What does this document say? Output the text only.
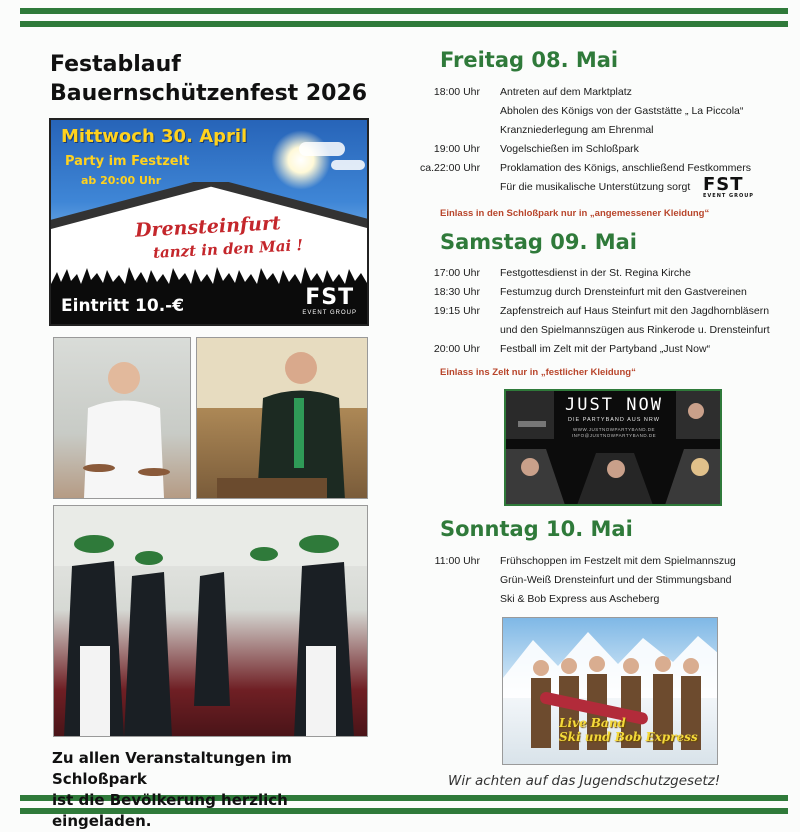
Festablauf
Bauernschützenfest 2026
Mittwoch 30. April
Party im Festzelt
ab 20:00 Uhr
Drensteinfurt
tanzt in den Mai !
Eintritt 10.-€	FST
EVENT GROUP
Zu allen Veranstaltungen im Schloßpark
ist die Bevölkerung herzlich eingeladen.
Freitag 08. Mai
18:00 Uhr Antreten auf dem Marktplatz
Abholen des Königs von der Gaststätte „ La Piccola“
Kranzniederlegung am Ehrenmal
19:00 Uhr Vogelschießen im Schloßpark
ca.22:00 Uhr Proklamation des Königs, anschließend Festkommers
Für die musikalische Unterstützung sorgt FST
EVENT GROUP
Einlass in den Schloßpark nur in „angemessener Kleidung“
Samstag 09. Mai
17:00 Uhr Festgottesdienst in der St. Regina Kirche
18:30 Uhr Festumzug durch Drensteinfurt mit den Gastvereinen
19:15 Uhr Zapfenstreich auf Haus Steinfurt mit den Jagdhornbläsern
und den Spielmannszügen aus Rinkerode u. Drensteinfurt
20:00 Uhr Festball im Zelt mit der Partyband „Just Now“
Einlass ins Zelt nur in „festlicher Kleidung“
JUST NOW
DIE PARTYBAND AUS NRW
WWW.JUSTNOWPARTYBAND.DE
INFO@JUSTNOWPARTYBAND.DE
Sonntag 10. Mai
11:00 Uhr Frühschoppen im Festzelt mit dem Spielmannszug
Grün-Weiß Drensteinfurt und der Stimmungsband
Ski & Bob Express aus Ascheberg
Live Band
Ski und Bob Express
Wir achten auf das Jugendschutzgesetz!
